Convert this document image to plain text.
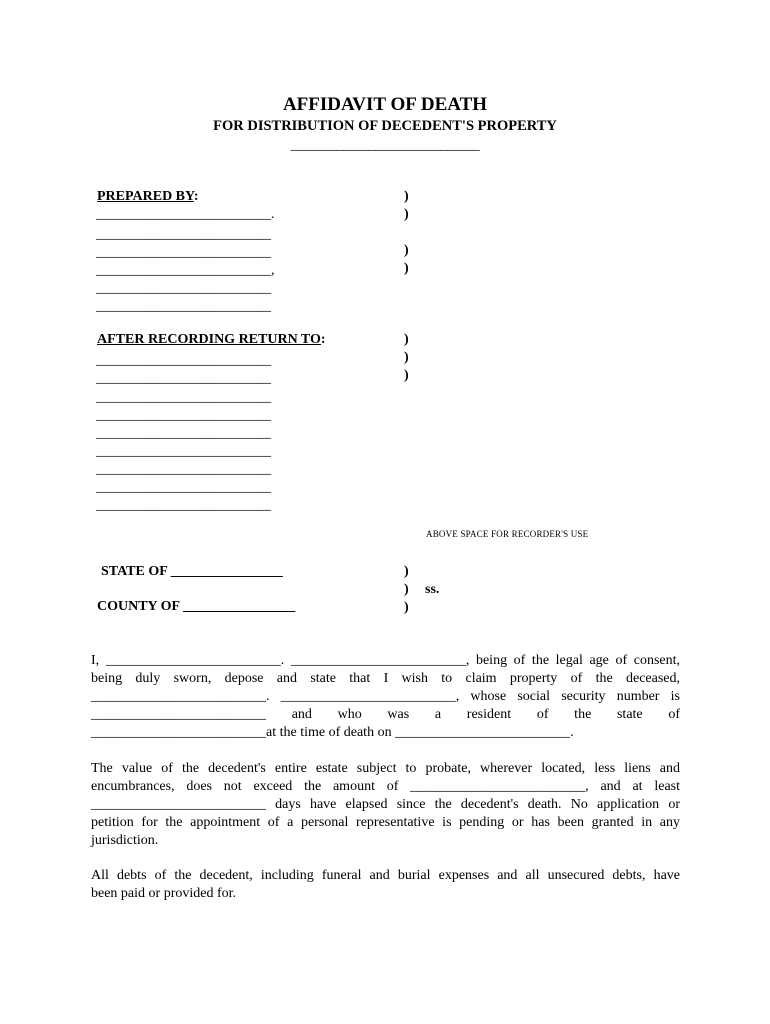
AFFIDAVIT OF DEATH
FOR DISTRIBUTION OF DECEDENT'S PROPERTY
_____________________________
PREPARED BY:
_________________________.
_________________________
_________________________
_________________________,
_________________________
_________________________
)
)
)
)
AFTER RECORDING RETURN TO:
_________________________
_________________________
_________________________
_________________________
_________________________
_________________________
_________________________
_________________________
_________________________
)
)
)
ABOVE SPACE FOR RECORDER'S USE
STATE OF ________________
COUNTY OF ________________
)
)
)
ss.
I, _________________________. _________________________, being of the legal age of consent,
being duly sworn, depose and state that I wish to claim property of the deceased,
_________________________. _________________________, whose social security number is
_________________________ and who was a resident of the state of
_________________________at the time of death on _________________________.
The value of the decedent's entire estate subject to probate, wherever located, less liens and
encumbrances, does not exceed the amount of _________________________, and at least
_________________________ days have elapsed since the decedent's death. No application or
petition for the appointment of a personal representative is pending or has been granted in any
jurisdiction.
All debts of the decedent, including funeral and burial expenses and all unsecured debts, have
been paid or provided for.
